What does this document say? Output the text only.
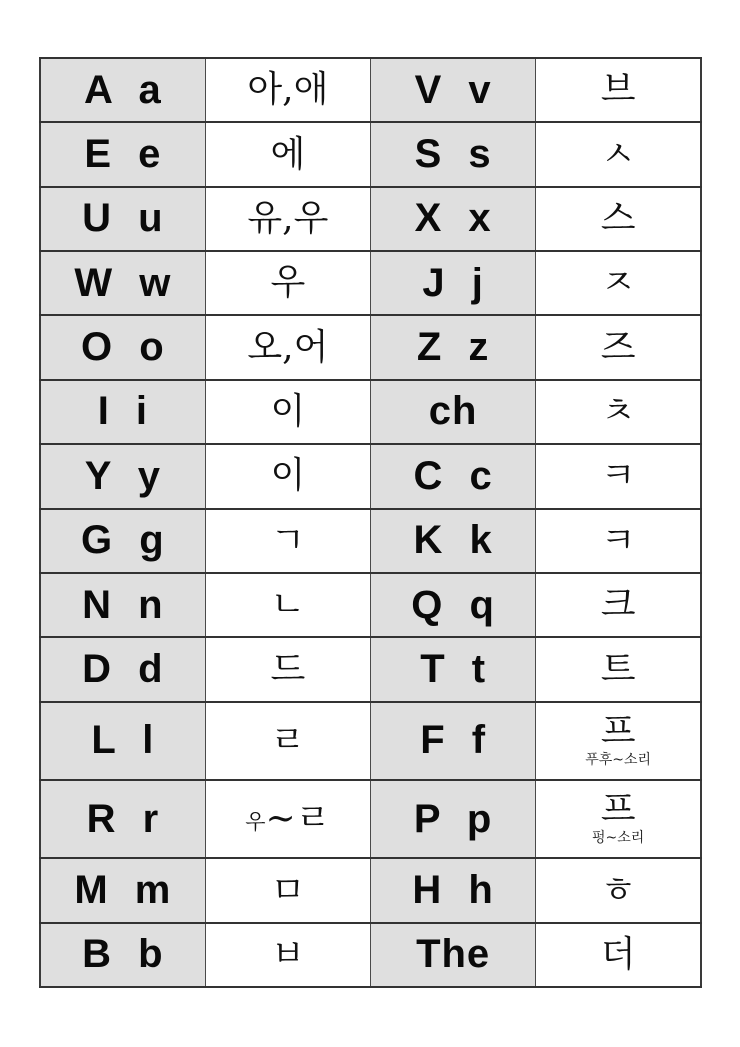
A a	아,애	V v	브

E e	에	S s	ㅅ

U u	유,우	X x	스

W w	우	J j	ㅈ

O o	오,어	Z z	즈

I i	이	ch	ㅊ

Y y	이	C c	ㅋ

G g	ㄱ	K k	ㅋ

N n	ㄴ	Q q	크

D d	드	T t	트

L l	ㄹ	F f	프
푸후~소리

R r	우~ㄹ	P p	프
펑~소리

M m	ㅁ	H h	ㅎ

B b	ㅂ	The	더
